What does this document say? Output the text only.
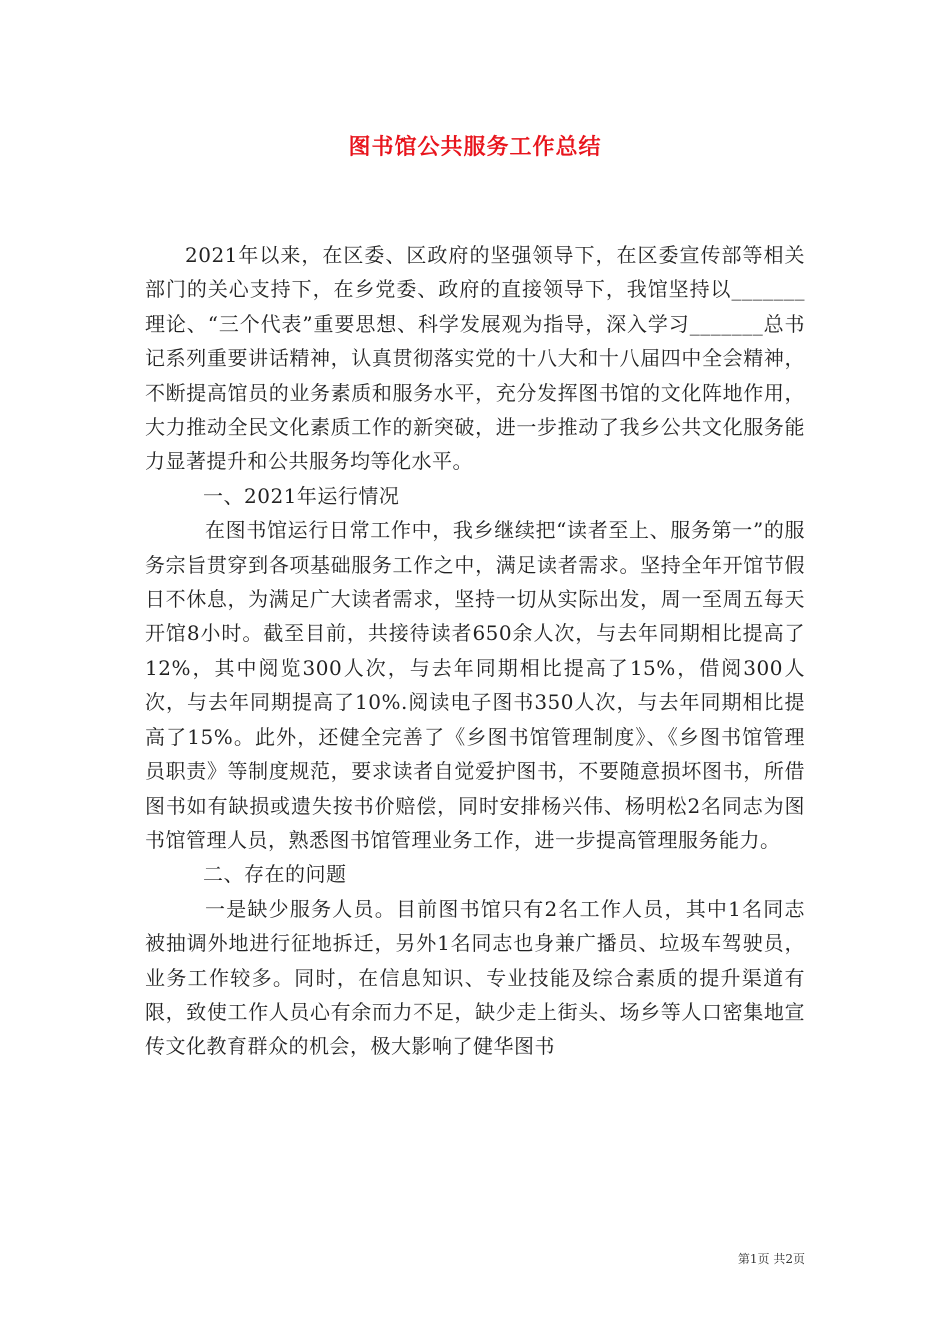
图书馆公共服务工作总结

2021年以来，在区委、区政府的坚强领导下，在区委宣传部等相关部门的关心支持下，在乡党委、政府的直接领导下，我馆坚持以_______理论、“三个代表”重要思想、科学发展观为指导，深入学习_______总书记系列重要讲话精神，认真贯彻落实党的十八大和十八届四中全会精神，不断提高馆员的业务素质和服务水平，充分发挥图书馆的文化阵地作用，大力推动全民文化素质工作的新突破，进一步推动了我乡公共文化服务能力显著提升和公共服务均等化水平。

一、2021年运行情况

在图书馆运行日常工作中，我乡继续把“读者至上、服务第一”的服务宗旨贯穿到各项基础服务工作之中，满足读者需求。坚持全年开馆节假日不休息，为满足广大读者需求，坚持一切从实际出发，周一至周五每天开馆8小时。截至目前，共接待读者650余人次，与去年同期相比提高了12%，其中阅览300人次，与去年同期相比提高了15%，借阅300人次，与去年同期提高了10%.阅读电子图书350人次，与去年同期相比提高了15%。此外，还健全完善了《乡图书馆管理制度》、《乡图书馆管理员职责》等制度规范，要求读者自觉爱护图书，不要随意损坏图书，所借图书如有缺损或遗失按书价赔偿，同时安排杨兴伟、杨明松2名同志为图书馆管理人员，熟悉图书馆管理业务工作，进一步提高管理服务能力。

二、存在的问题

一是缺少服务人员。目前图书馆只有2名工作人员，其中1名同志被抽调外地进行征地拆迁，另外1名同志也身兼广播员、垃圾车驾驶员，业务工作较多。同时，在信息知识、专业技能及综合素质的提升渠道有限，致使工作人员心有余而力不足，缺少走上街头、场乡等人口密集地宣传文化教育群众的机会，极大影响了健华图书

第1页 共2页
